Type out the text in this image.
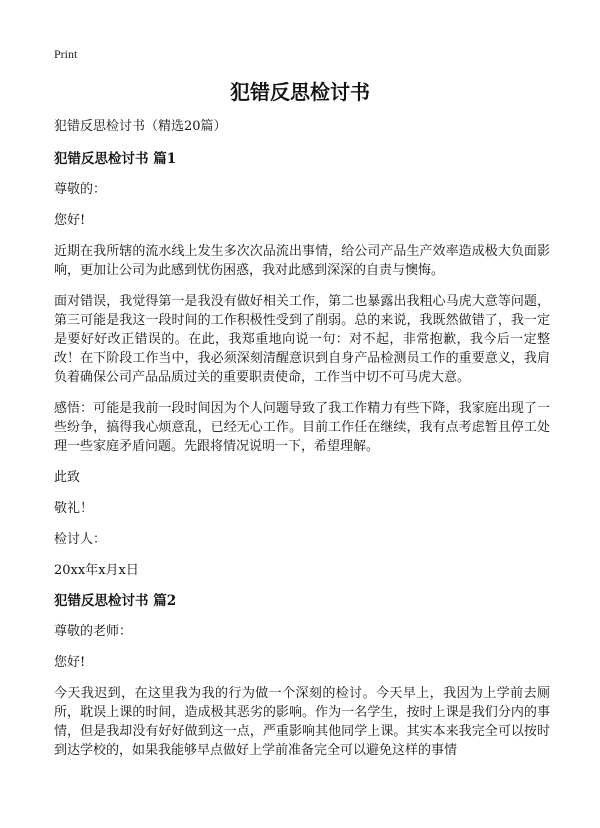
Print
犯错反思检讨书

犯错反思检讨书（精选20篇）

犯错反思检讨书 篇1

尊敬的：

您好!

近期在我所辖的流水线上发生多次次品流出事情，给公司产品生产效率造成极大负面影响，更加让公司为此感到忧伤困惑，我对此感到深深的自责与懊悔。

面对错误，我觉得第一是我没有做好相关工作，第二也暴露出我粗心马虎大意等问题，第三可能是我这一段时间的工作积极性受到了削弱。总的来说，我既然做错了，我一定是要好好改正错误的。在此，我郑重地向说一句：对不起，非常抱歉，我今后一定整改！在下阶段工作当中，我必须深刻清醒意识到自身产品检测员工作的重要意义，我肩负着确保公司产品品质过关的重要职责使命，工作当中切不可马虎大意。

感悟：可能是我前一段时间因为个人问题导致了我工作精力有些下降，我家庭出现了一些纷争，搞得我心烦意乱，已经无心工作。目前工作任在继续，我有点考虑暂且停工处理一些家庭矛盾问题。先跟将情况说明一下，希望理解。

此致

敬礼！

检讨人：

20xx年x月x日

犯错反思检讨书 篇2

尊敬的老师：

您好!

今天我迟到，在这里我为我的行为做一个深刻的检讨。今天早上，我因为上学前去厕所，耽误上课的时间，造成极其恶劣的影响。作为一名学生，按时上课是我们分内的事情，但是我却没有好好做到这一点，严重影响其他同学上课。其实本来我完全可以按时到达学校的，如果我能够早点做好上学前准备完全可以避免这样的事情
